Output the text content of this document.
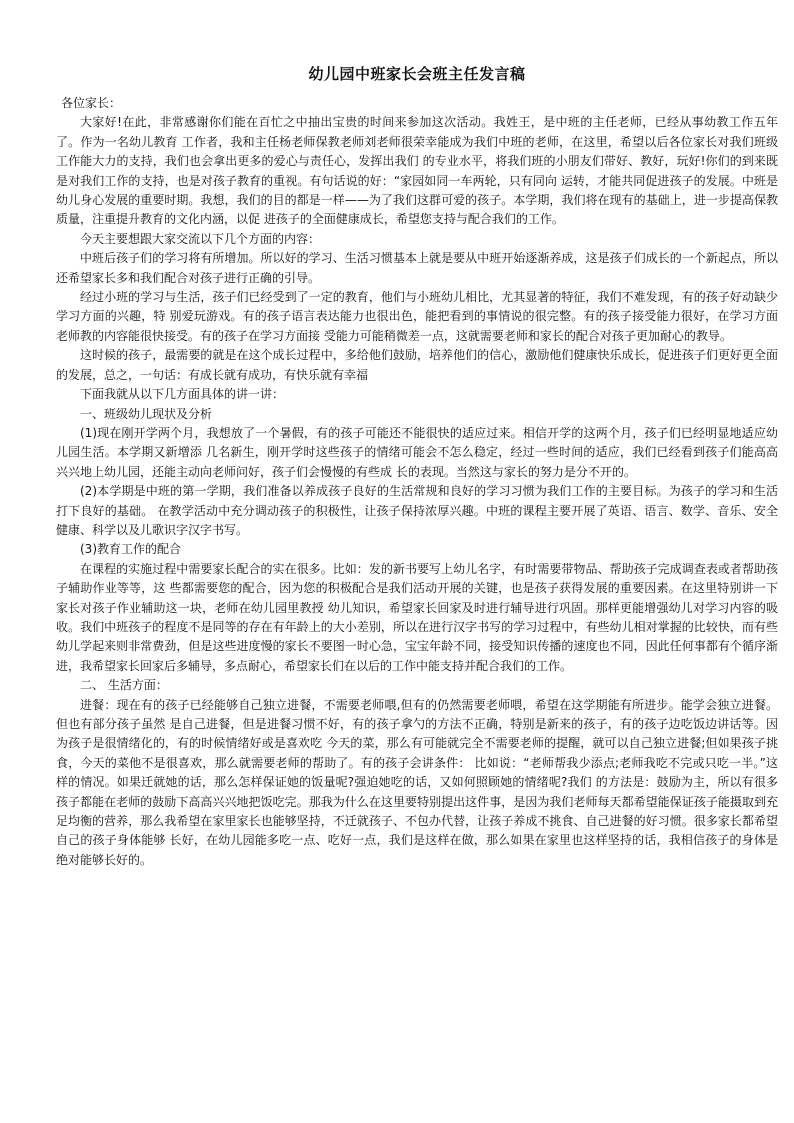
幼儿园中班家长会班主任发言稿

各位家长：

大家好!在此，非常感谢你们能在百忙之中抽出宝贵的时间来参加这次活动。我姓王，是中班的主任老师，已经从事幼教工作五年了。作为一名幼儿教育 工作者，我和主任杨老师保教老师刘老师很荣幸能成为我们中班的老师，在这里，希望以后各位家长对我们班级工作能大力的支持，我们也会拿出更多的爱心与责任心，发挥出我们 的专业水平，将我们班的小朋友们带好、教好，玩好!你们的到来既是对我们工作的支持，也是对孩子教育的重视。有句话说的好：“家园如同一车两轮，只有同向 运转，才能共同促进孩子的发展。中班是幼儿身心发展的重要时期。我想，我们的目的都是一样——为了我们这群可爱的孩子。本学期，我们将在现有的基础上，进一步提高保教质量，注重提升教育的文化内涵，以促 进孩子的全面健康成长，希望您支持与配合我们的工作。

今天主要想跟大家交流以下几个方面的内容：

中班后孩子们的学习将有所增加。所以好的学习、生活习惯基本上就是要从中班开始逐渐养成，这是孩子们成长的一个新起点，所以还希望家长多和我们配合对孩子进行正确的引导。

经过小班的学习与生活，孩子们已经受到了一定的教育，他们与小班幼儿相比，尤其显著的特征，我们不难发现，有的孩子好动缺少学习方面的兴趣，特 别爱玩游戏。有的孩子语言表达能力也很出色，能把看到的事情说的很完整。有的孩子接受能力很好，在学习方面老师教的内容能很快接受。有的孩子在学习方面接 受能力可能稍微差一点，这就需要老师和家长的配合对孩子更加耐心的教导。

这时候的孩子，最需要的就是在这个成长过程中，多给他们鼓励，培养他们的信心，激励他们健康快乐成长，促进孩子们更好更全面的发展，总之，一句话：有成长就有成功，有快乐就有幸福

下面我就从以下几方面具体的讲一讲：

一、班级幼儿现状及分析

(1)现在刚开学两个月，我想放了一个暑假，有的孩子可能还不能很快的适应过来。相信开学的这两个月，孩子们已经明显地适应幼儿园生活。本学期又新增添 几名新生，刚开学时这些孩子的情绪可能会不怎么稳定，经过一些时间的适应，我们已经看到孩子们能高高兴兴地上幼儿园，还能主动向老师问好，孩子们会慢慢的有些成 长的表现。当然这与家长的努力是分不开的。

(2)本学期是中班的第一学期，我们准备以养成孩子良好的生活常规和良好的学习习惯为我们工作的主要目标。为孩子的学习和生活打下良好的基础。 在教学活动中充分调动孩子的积极性，让孩子保持浓厚兴趣。中班的课程主要开展了英语、语言、数学、音乐、安全健康、科学以及儿歌识字汉字书写。

(3)教育工作的配合

在课程的实施过程中需要家长配合的实在很多。比如：发的新书要写上幼儿名字，有时需要带物品、帮助孩子完成调查表或者帮助孩子辅助作业等等，这 些都需要您的配合，因为您的积极配合是我们活动开展的关键，也是孩子获得发展的重要因素。在这里特别讲一下家长对孩子作业辅助这一块，老师在幼儿园里教授 幼儿知识，希望家长回家及时进行辅导进行巩固。那样更能增强幼儿对学习内容的吸收。我们中班孩子的程度不是同等的存在有年龄上的大小差别，所以在进行汉字书写的学习过程中，有些幼儿相对掌握的比较快，而有些幼儿学起来则非常费劲，但是这些进度慢的家长不要图一时心急，宝宝年龄不同，接受知识传播的速度也不同，因此任何事都有个循序渐进，我希望家长回家后多辅导，多点耐心，希望家长们在以后的工作中能支持并配合我们的工作。

二、 生活方面：

进餐：现在有的孩子已经能够自己独立进餐，不需要老师喂,但有的仍然需要老师喂，希望在这学期能有所进步。能学会独立进餐。但也有部分孩子虽然 是自己进餐，但是进餐习惯不好，有的孩子拿勺的方法不正确，特别是新来的孩子，有的孩子边吃饭边讲话等。因为孩子是很情绪化的，有的时候情绪好或是喜欢吃 今天的菜，那么有可能就完全不需要老师的提醒，就可以自己独立进餐;但如果孩子挑食，今天的菜他不是很喜欢，那么就需要老师的帮助了。有的孩子会讲条件： 比如说：“老师帮我少添点;老师我吃不完或只吃一半。”这样的情况。如果迁就她的话，那么怎样保证她的饭量呢?强迫她吃的话，又如何照顾她的情绪呢?我们 的方法是：鼓励为主，所以有很多孩子都能在老师的鼓励下高高兴兴地把饭吃完。那我为什么在这里要特别提出这件事，是因为我们老师每天都希望能保证孩子能摄取到充足均衡的营养，那么我希望在家里家长也能够坚持，不迁就孩子、不包办代替，让孩子养成不挑食、自己进餐的好习惯。很多家长都希望自己的孩子身体能够 长好，在幼儿园能多吃一点、吃好一点，我们是这样在做，那么如果在家里也这样坚持的话，我相信孩子的身体是绝对能够长好的。
